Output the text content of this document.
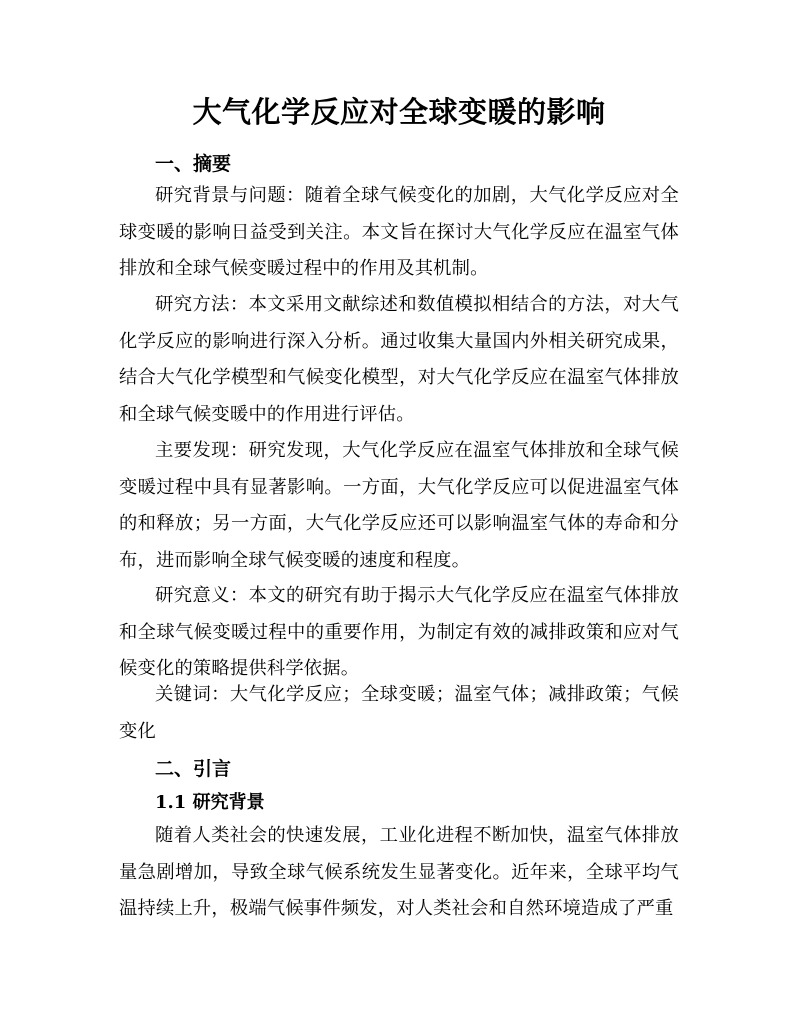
大气化学反应对全球变暖的影响
一、摘要

研究背景与问题：随着全球气候变化的加剧，大气化学反应对全球变暖的影响日益受到关注。本文旨在探讨大气化学反应在温室气体排放和全球气候变暖过程中的作用及其机制。

研究方法：本文采用文献综述和数值模拟相结合的方法，对大气化学反应的影响进行深入分析。通过收集大量国内外相关研究成果，结合大气化学模型和气候变化模型，对大气化学反应在温室气体排放和全球气候变暖中的作用进行评估。

主要发现：研究发现，大气化学反应在温室气体排放和全球气候变暖过程中具有显著影响。一方面，大气化学反应可以促进温室气体的和释放；另一方面，大气化学反应还可以影响温室气体的寿命和分布，进而影响全球气候变暖的速度和程度。

研究意义：本文的研究有助于揭示大气化学反应在温室气体排放和全球气候变暖过程中的重要作用，为制定有效的减排政策和应对气候变化的策略提供科学依据。

关键词：大气化学反应；全球变暖；温室气体；减排政策；气候变化

二、引言
1.1 研究背景

随着人类社会的快速发展，工业化进程不断加快，温室气体排放量急剧增加，导致全球气候系统发生显著变化。近年来，全球平均气温持续上升，极端气候事件频发，对人类社会和自然环境造成了严重
